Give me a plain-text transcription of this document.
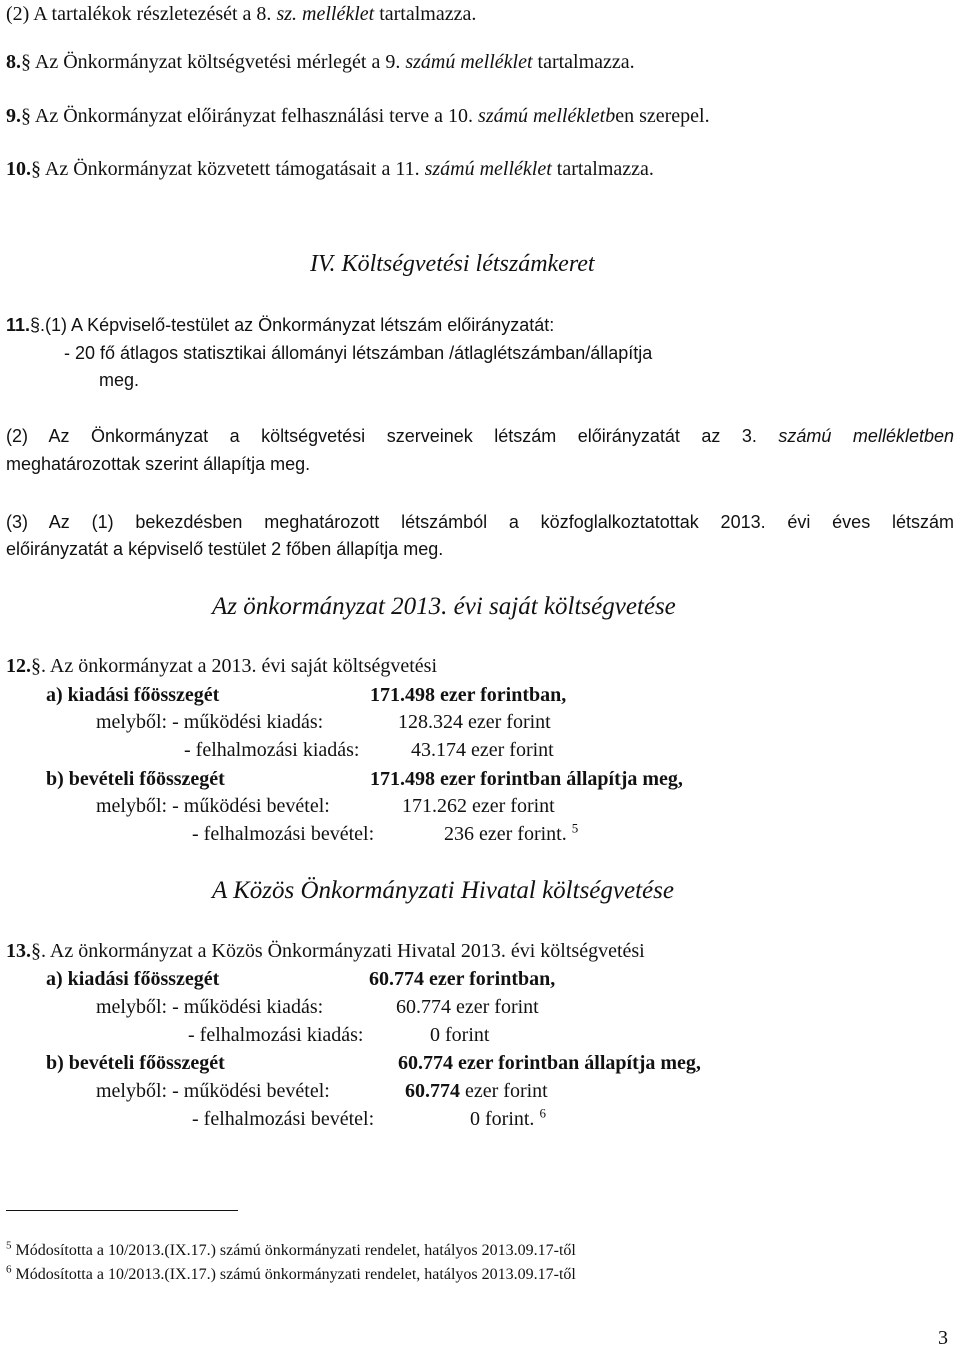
(2) A tartalékok részletezését a 8. sz. melléklet tartalmazza.
8.§ Az Önkormányzat költségvetési mérlegét a 9. számú melléklet tartalmazza.
9.§ Az Önkormányzat előirányzat felhasználási terve a 10. számú mellékletben szerepel.
10.§ Az Önkormányzat közvetett támogatásait a 11. számú melléklet tartalmazza.
IV. Költségvetési létszámkeret
11.§.(1) A Képviselő-testület az Önkormányzat létszám előirányzatát:
- 20 fő átlagos statisztikai állományi létszámban /átlaglétszámban/állapítja
meg.
(2) Az Önkormányzat a költségvetési szerveinek létszám előirányzatát az 3. számú mellékletben
meghatározottak szerint állapítja meg.
(3) Az (1) bekezdésben meghatározott létszámból a közfoglalkoztatottak 2013. évi éves létszám
előirányzatát a képviselő testület 2 főben állapítja meg.
Az önkormányzat 2013. évi saját költségvetése
12.§. Az önkormányzat a 2013. évi saját költségvetési
a) kiadási főösszegét	171.498 ezer forintban,
melyből: - működési kiadás:	128.324 ezer forint
- felhalmozási kiadás:	43.174 ezer forint
b) bevételi főösszegét	171.498 ezer forintban állapítja meg,
melyből: - működési bevétel:	171.262 ezer forint
- felhalmozási bevétel:	236 ezer forint. $^5$
A Közös Önkormányzati Hivatal költségvetése
13.§. Az önkormányzat a Közös Önkormányzati Hivatal 2013. évi költségvetési
a) kiadási főösszegét	60.774 ezer forintban,
melyből: - működési kiadás:	60.774 ezer forint
- felhalmozási kiadás:	0 forint
b) bevételi főösszegét	60.774 ezer forintban állapítja meg,
melyből: - működési bevétel:	60.774 ezer forint
- felhalmozási bevétel:	0 forint. $^6$
$^5$ Módosította a 10/2013.(IX.17.) számú önkormányzati rendelet, hatályos 2013.09.17-től
$^6$ Módosította a 10/2013.(IX.17.) számú önkormányzati rendelet, hatályos 2013.09.17-től
3
